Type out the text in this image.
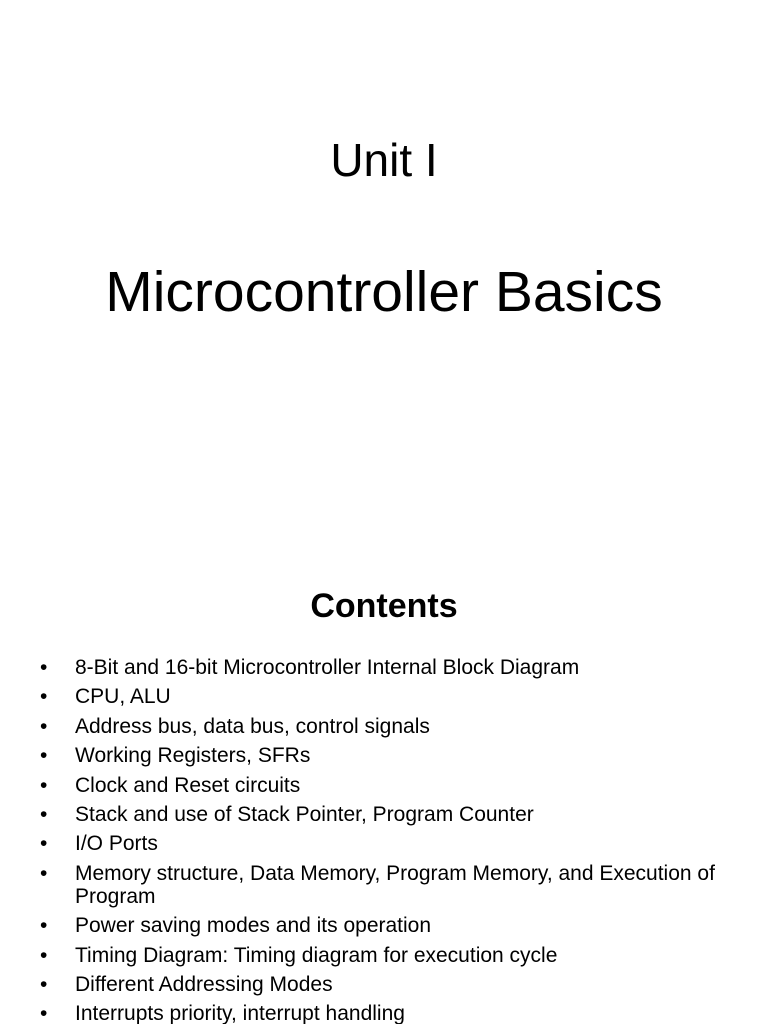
Unit I
Microcontroller Basics
Contents
• 8-Bit and 16-bit Microcontroller Internal Block Diagram
• CPU, ALU
• Address bus, data bus, control signals
• Working Registers, SFRs
• Clock and Reset circuits
• Stack and use of Stack Pointer, Program Counter
• I/O Ports
• Memory structure, Data Memory, Program Memory, and Execution of Program
• Power saving modes and its operation
• Timing Diagram: Timing diagram for execution cycle
• Different Addressing Modes
• Interrupts priority, interrupt handling
